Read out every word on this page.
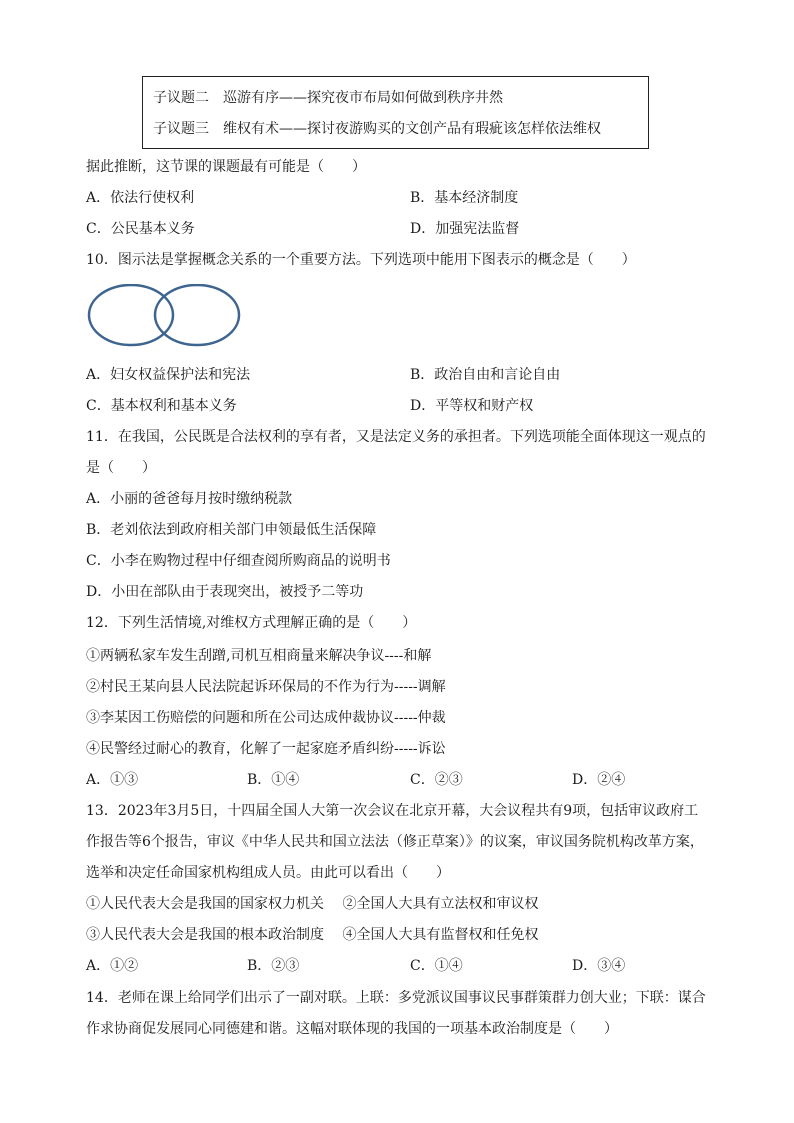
子议题二　巡游有序——探究夜市布局如何做到秩序井然
子议题三　维权有术——探讨夜游购买的文创产品有瑕疵该怎样依法维权
据此推断，这节课的课题最有可能是（　　）
A．依法行使权利	B．基本经济制度
C．公民基本义务	D．加强宪法监督
10．图示法是掌握概念关系的一个重要方法。下列选项中能用下图表示的概念是（　　）
A．妇女权益保护法和宪法	B．政治自由和言论自由
C．基本权利和基本义务	D．平等权和财产权
11．在我国，公民既是合法权利的享有者，又是法定义务的承担者。下列选项能全面体现这一观点的
是（　　）
A．小丽的爸爸每月按时缴纳税款
B．老刘依法到政府相关部门申领最低生活保障
C．小李在购物过程中仔细查阅所购商品的说明书
D．小田在部队由于表现突出，被授予二等功
12．下列生活情境,对维权方式理解正确的是（　　）
①两辆私家车发生刮蹭,司机互相商量来解决争议----和解
②村民王某向县人民法院起诉环保局的不作为行为-----调解
③李某因工伤赔偿的问题和所在公司达成仲裁协议-----仲裁
④民警经过耐心的教育，化解了一起家庭矛盾纠纷-----诉讼
A．①③	B．①④	C．②③	D．②④
13．2023年3月5日，十四届全国人大第一次会议在北京开幕，大会议程共有9项，包括审议政府工
作报告等6个报告，审议《中华人民共和国立法法（修正草案）》的议案，审议国务院机构改革方案，
选举和决定任命国家机构组成人员。由此可以看出（　　）
①人民代表大会是我国的国家权力机关　 ②全国人大具有立法权和审议权
③人民代表大会是我国的根本政治制度　 ④全国人大具有监督权和任免权
A．①②	B．②③	C．①④	D．③④
14．老师在课上给同学们出示了一副对联。上联：多党派议国事议民事群策群力创大业；下联：谋合
作求协商促发展同心同德建和谐。这幅对联体现的我国的一项基本政治制度是（　　）
